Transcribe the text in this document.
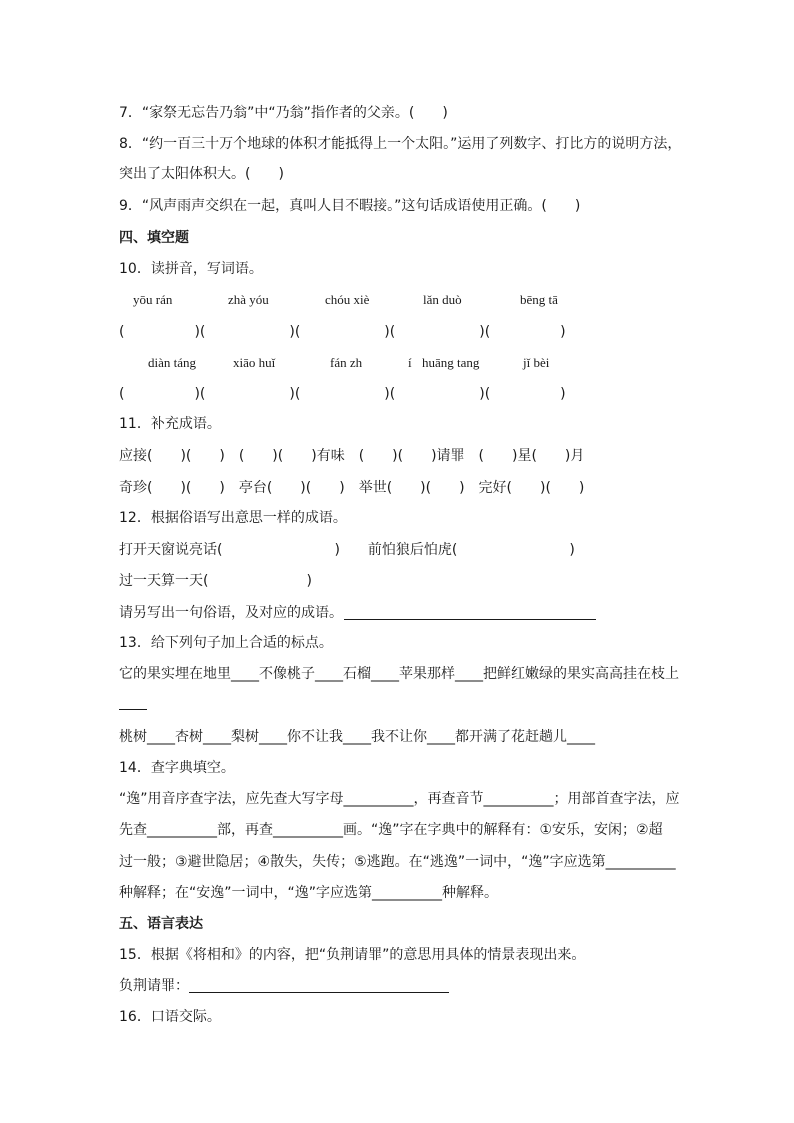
7．“家祭无忘告乃翁”中“乃翁”指作者的父亲。(　　)
8．“约一百三十万个地球的体积才能抵得上一个太阳。”运用了列数字、打比方的说明方法，
突出了太阳体积大。(　　)
9．“风声雨声交织在一起，真叫人目不暇接。”这句话成语使用正确。(　　)
四、填空题
10．读拼音，写词语。
yōu rán	zhà yóu	chóu xiè	lǎn duò	bēng tā
(　　　　　)(　　　　　　)(　　　　　　)(　　　　　　)(　　　　　)
diàn táng	xiāo huǐ	fán zh	í huāng tang	jǐ bèi
(　　　　　)(　　　　　　)(　　　　　　)(　　　　　　)(　　　　　)
11．补充成语。
应接(　　)(　　)　(　　)(　　)有味　(　　)(　　)请罪　(　　)星(　　)月
奇珍(　　)(　　)　亭台(　　)(　　)　举世(　　)(　　)　完好(　　)(　　)
12．根据俗语写出意思一样的成语。
打开天窗说亮话(　　　　　　　　)　　前怕狼后怕虎(　　　　　　　　)
过一天算一天(　　　　　　　)
请另写出一句俗语，及对应的成语。
13．给下列句子加上合适的标点。
它的果实埋在地里____不像桃子____石榴____苹果那样____把鲜红嫩绿的果实高高挂在枝上
桃树____杏树____梨树____你不让我____我不让你____都开满了花赶趟儿____
14．查字典填空。
“逸”用音序查字法，应先查大写字母__________，再查音节__________；用部首查字法，应
先查__________部，再查__________画。“逸”字在字典中的解释有：①安乐，安闲；②超
过一般；③避世隐居；④散失，失传；⑤逃跑。在“逃逸”一词中，“逸”字应选第__________
种解释；在“安逸”一词中，“逸”字应选第__________种解释。
五、语言表达
15．根据《将相和》的内容，把“负荆请罪”的意思用具体的情景表现出来。
负荆请罪：
16．口语交际。
